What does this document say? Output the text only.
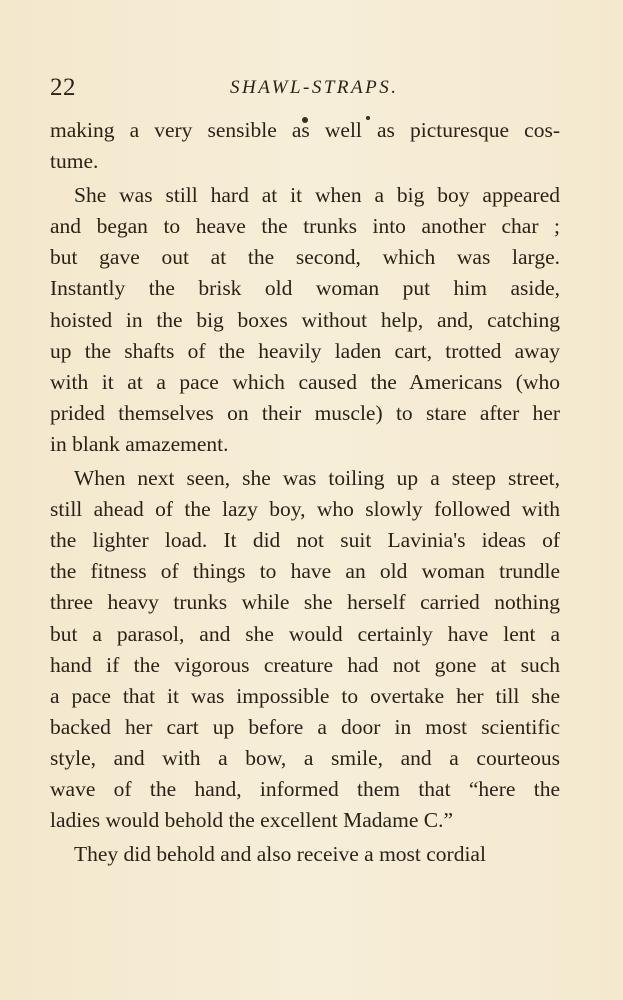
22	SHAWL-STRAPS.
making a very sensible as well as picturesque cos-
tume.
She was still hard at it when a big boy appeared
and began to heave the trunks into another char ;
but gave out at the second, which was large.
Instantly the brisk old woman put him aside,
hoisted in the big boxes without help, and, catching
up the shafts of the heavily laden cart, trotted away
with it at a pace which caused the Americans (who
prided themselves on their muscle) to stare after her
in blank amazement.
When next seen, she was toiling up a steep street,
still ahead of the lazy boy, who slowly followed with
the lighter load. It did not suit Lavinia's ideas of
the fitness of things to have an old woman trundle
three heavy trunks while she herself carried nothing
but a parasol, and she would certainly have lent a
hand if the vigorous creature had not gone at such
a pace that it was impossible to overtake her till she
backed her cart up before a door in most scientific
style, and with a bow, a smile, and a courteous
wave of the hand, informed them that “here the
ladies would behold the excellent Madame C.”
They did behold and also receive a most cordial
